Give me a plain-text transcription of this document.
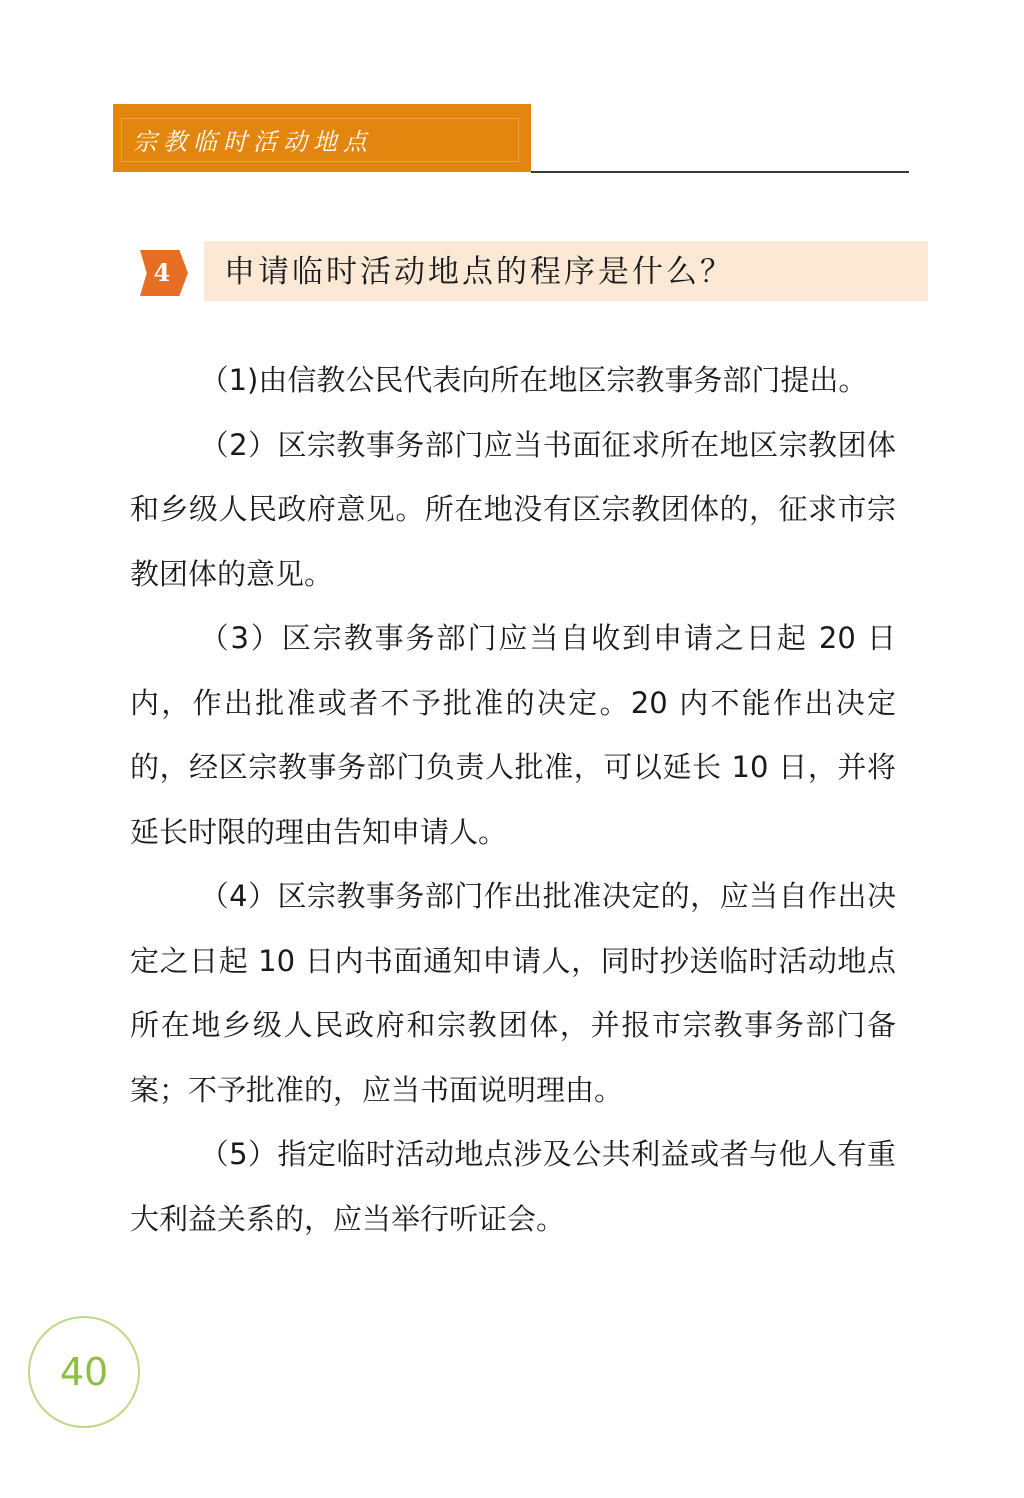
宗教临时活动地点
4	申请临时活动地点的程序是什么？

（1)由信教公民代表向所在地区宗教事务部门提出。

（2）区宗教事务部门应当书面征求所在地区宗教团体和乡级人民政府意见。所在地没有区宗教团体的，征求市宗教团体的意见。

（3）区宗教事务部门应当自收到申请之日起 20 日内，作出批准或者不予批准的决定。20 内不能作出决定的，经区宗教事务部门负责人批准，可以延长 10 日，并将延长时限的理由告知申请人。

（4）区宗教事务部门作出批准决定的，应当自作出决定之日起 10 日内书面通知申请人，同时抄送临时活动地点所在地乡级人民政府和宗教团体，并报市宗教事务部门备案；不予批准的，应当书面说明理由。

（5）指定临时活动地点涉及公共利益或者与他人有重大利益关系的，应当举行听证会。

40
